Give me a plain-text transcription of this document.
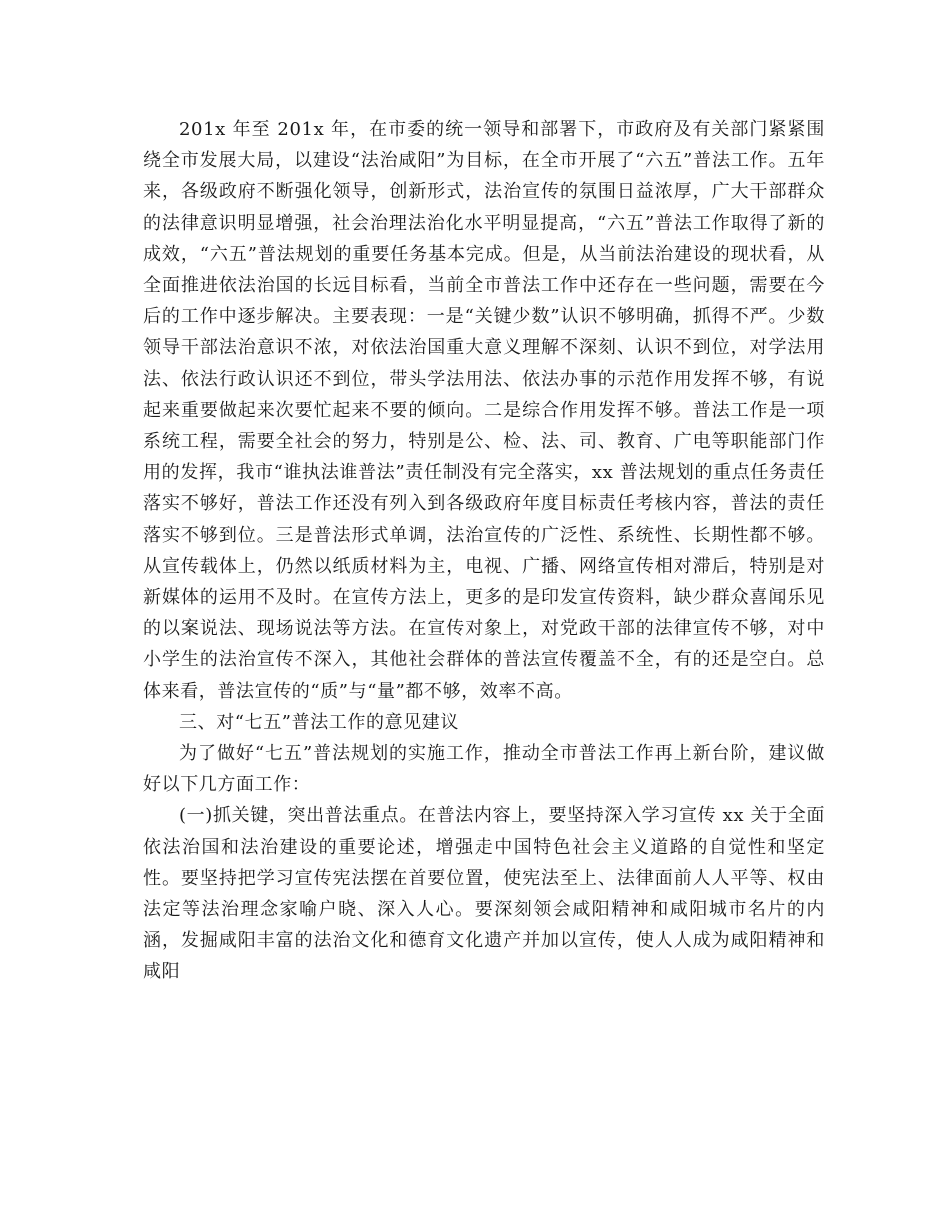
201x 年至 201x 年，在市委的统一领导和部署下，市政府及有关部门紧紧围绕全市发展大局，以建设“法治咸阳”为目标，在全市开展了“六五”普法工作。五年来，各级政府不断强化领导，创新形式，法治宣传的氛围日益浓厚，广大干部群众的法律意识明显增强，社会治理法治化水平明显提高，“六五”普法工作取得了新的成效，“六五”普法规划的重要任务基本完成。但是，从当前法治建设的现状看，从全面推进依法治国的长远目标看，当前全市普法工作中还存在一些问题，需要在今后的工作中逐步解决。主要表现：一是“关键少数”认识不够明确，抓得不严。少数领导干部法治意识不浓，对依法治国重大意义理解不深刻、认识不到位，对学法用法、依法行政认识还不到位，带头学法用法、依法办事的示范作用发挥不够，有说起来重要做起来次要忙起来不要的倾向。二是综合作用发挥不够。普法工作是一项系统工程，需要全社会的努力，特别是公、检、法、司、教育、广电等职能部门作用的发挥，我市“谁执法谁普法”责任制没有完全落实，xx 普法规划的重点任务责任落实不够好，普法工作还没有列入到各级政府年度目标责任考核内容，普法的责任落实不够到位。三是普法形式单调，法治宣传的广泛性、系统性、长期性都不够。从宣传载体上，仍然以纸质材料为主，电视、广播、网络宣传相对滞后，特别是对新媒体的运用不及时。在宣传方法上，更多的是印发宣传资料，缺少群众喜闻乐见的以案说法、现场说法等方法。在宣传对象上，对党政干部的法律宣传不够，对中小学生的法治宣传不深入，其他社会群体的普法宣传覆盖不全，有的还是空白。总体来看，普法宣传的“质”与“量”都不够，效率不高。

三、对“七五”普法工作的意见建议

为了做好“七五”普法规划的实施工作，推动全市普法工作再上新台阶，建议做好以下几方面工作：

(一)抓关键，突出普法重点。在普法内容上，要坚持深入学习宣传 xx 关于全面依法治国和法治建设的重要论述，增强走中国特色社会主义道路的自觉性和坚定性。要坚持把学习宣传宪法摆在首要位置，使宪法至上、法律面前人人平等、权由法定等法治理念家喻户晓、深入人心。要深刻领会咸阳精神和咸阳城市名片的内涵，发掘咸阳丰富的法治文化和德育文化遗产并加以宣传，使人人成为咸阳精神和咸阳
